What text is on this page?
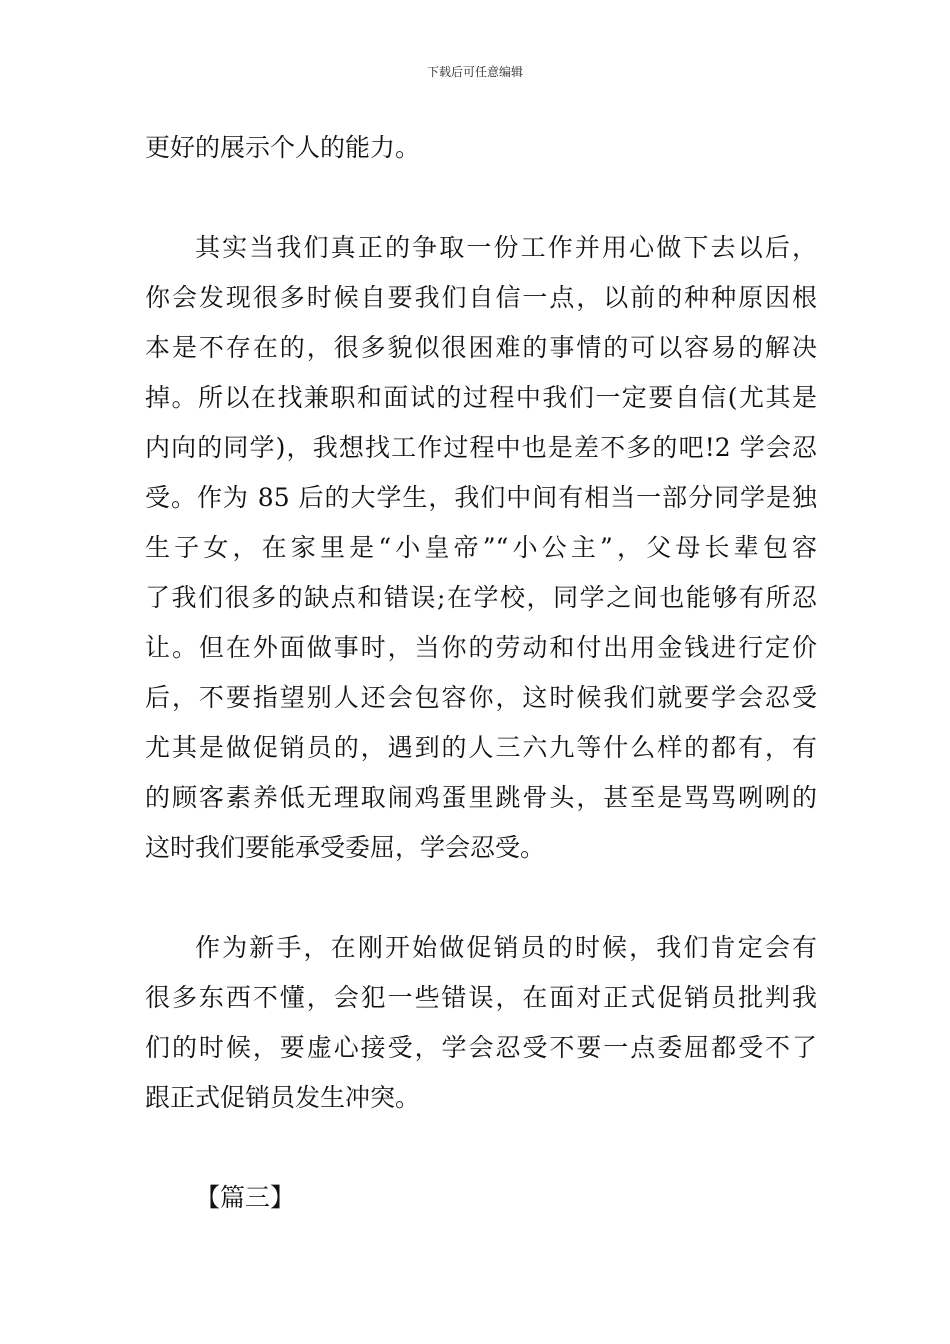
下载后可任意编辑
更好的展示个人的能力。
其实当我们真正的争取一份工作并用心做下去以后，
你会发现很多时候自要我们自信一点，以前的种种原因根
本是不存在的，很多貌似很困难的事情的可以容易的解决
掉。所以在找兼职和面试的过程中我们一定要自信(尤其是
内向的同学)，我想找工作过程中也是差不多的吧!2 学会忍
受。作为 85 后的大学生，我们中间有相当一部分同学是独
生子女，在家里是“小皇帝”“小公主”，父母长辈包容
了我们很多的缺点和错误;在学校，同学之间也能够有所忍
让。但在外面做事时，当你的劳动和付出用金钱进行定价
后，不要指望别人还会包容你，这时候我们就要学会忍受
尤其是做促销员的，遇到的人三六九等什么样的都有，有
的顾客素养低无理取闹鸡蛋里跳骨头，甚至是骂骂咧咧的
这时我们要能承受委屈，学会忍受。
作为新手，在刚开始做促销员的时候，我们肯定会有
很多东西不懂，会犯一些错误，在面对正式促销员批判我
们的时候，要虚心接受，学会忍受不要一点委屈都受不了
跟正式促销员发生冲突。
【篇三】
